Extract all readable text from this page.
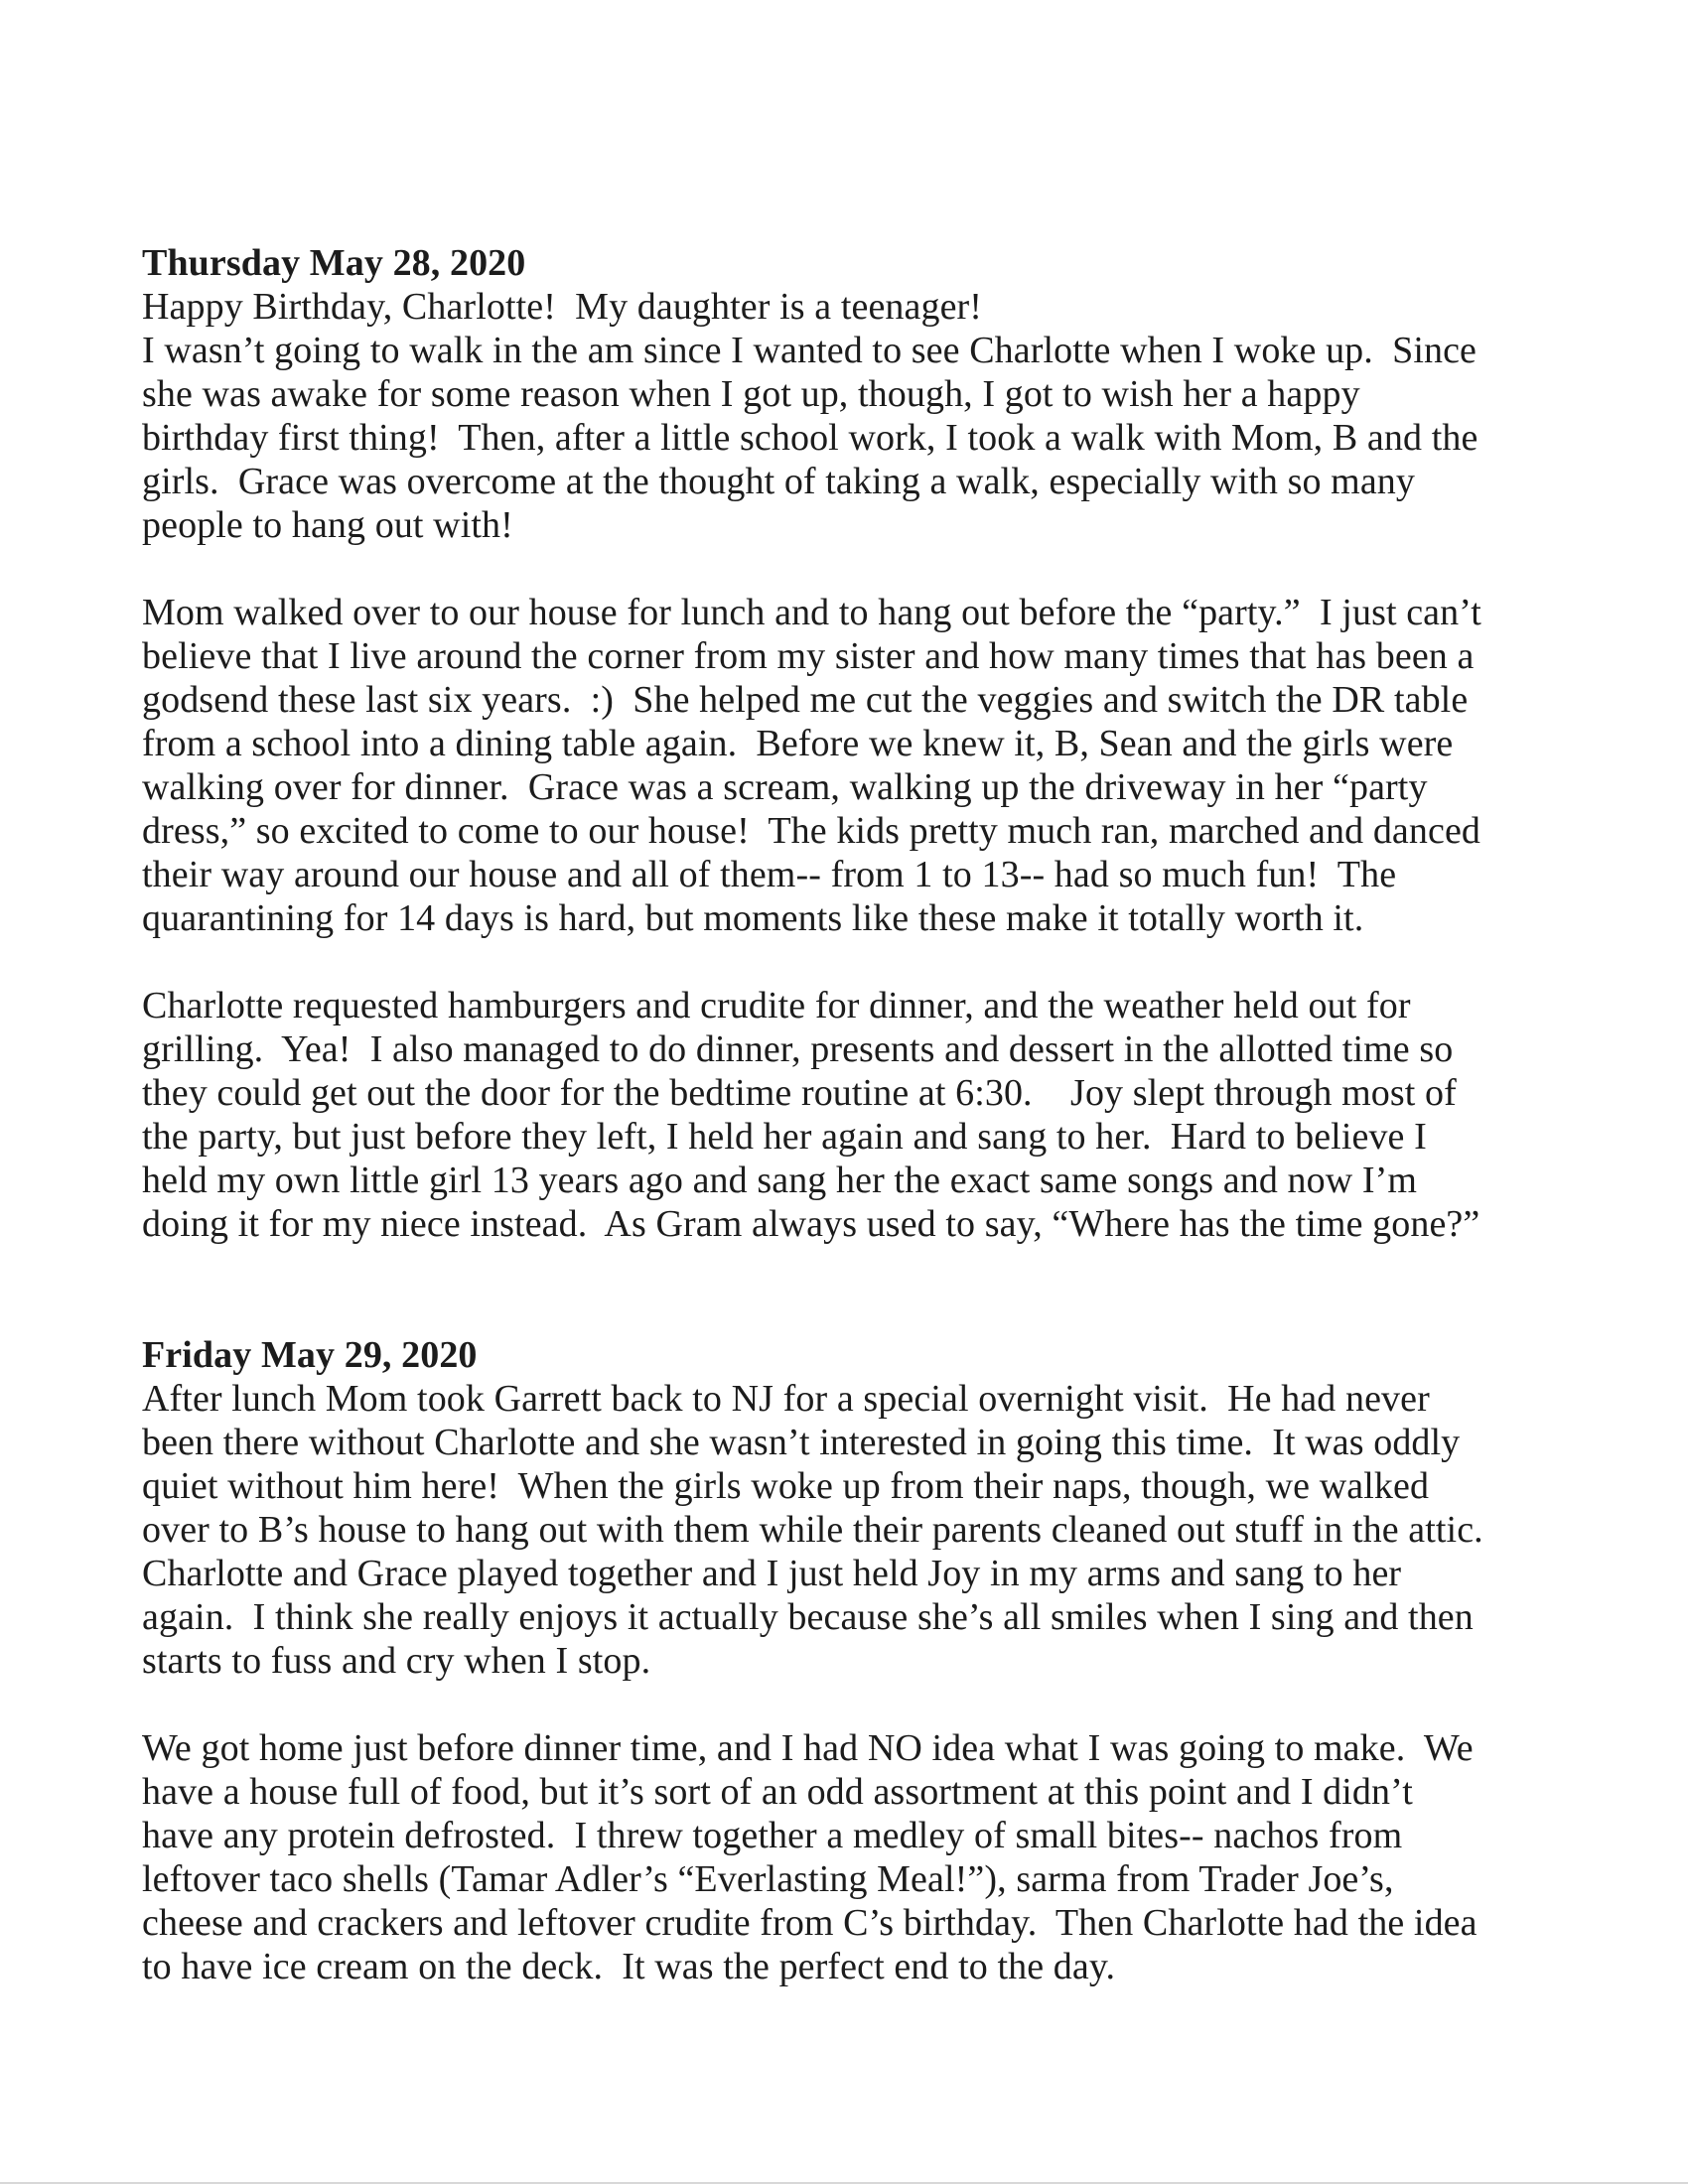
Thursday May 28, 2020
Happy Birthday, Charlotte!  My daughter is a teenager!
I wasn’t going to walk in the am since I wanted to see Charlotte when I woke up.  Since
she was awake for some reason when I got up, though, I got to wish her a happy
birthday first thing!  Then, after a little school work, I took a walk with Mom, B and the
girls.  Grace was overcome at the thought of taking a walk, especially with so many
people to hang out with!
Mom walked over to our house for lunch and to hang out before the “party.”  I just can’t
believe that I live around the corner from my sister and how many times that has been a
godsend these last six years.  :)  She helped me cut the veggies and switch the DR table
from a school into a dining table again.  Before we knew it, B, Sean and the girls were
walking over for dinner.  Grace was a scream, walking up the driveway in her “party
dress,” so excited to come to our house!  The kids pretty much ran, marched and danced
their way around our house and all of them-- from 1 to 13-- had so much fun!  The
quarantining for 14 days is hard, but moments like these make it totally worth it.
Charlotte requested hamburgers and crudite for dinner, and the weather held out for
grilling.  Yea!  I also managed to do dinner, presents and dessert in the allotted time so
they could get out the door for the bedtime routine at 6:30.    Joy slept through most of
the party, but just before they left, I held her again and sang to her.  Hard to believe I
held my own little girl 13 years ago and sang her the exact same songs and now I’m
doing it for my niece instead.  As Gram always used to say, “Where has the time gone?”
Friday May 29, 2020
After lunch Mom took Garrett back to NJ for a special overnight visit.  He had never
been there without Charlotte and she wasn’t interested in going this time.  It was oddly
quiet without him here!  When the girls woke up from their naps, though, we walked
over to B’s house to hang out with them while their parents cleaned out stuff in the attic.
Charlotte and Grace played together and I just held Joy in my arms and sang to her
again.  I think she really enjoys it actually because she’s all smiles when I sing and then
starts to fuss and cry when I stop.
We got home just before dinner time, and I had NO idea what I was going to make.  We
have a house full of food, but it’s sort of an odd assortment at this point and I didn’t
have any protein defrosted.  I threw together a medley of small bites-- nachos from
leftover taco shells (Tamar Adler’s “Everlasting Meal!”), sarma from Trader Joe’s,
cheese and crackers and leftover crudite from C’s birthday.  Then Charlotte had the idea
to have ice cream on the deck.  It was the perfect end to the day.
